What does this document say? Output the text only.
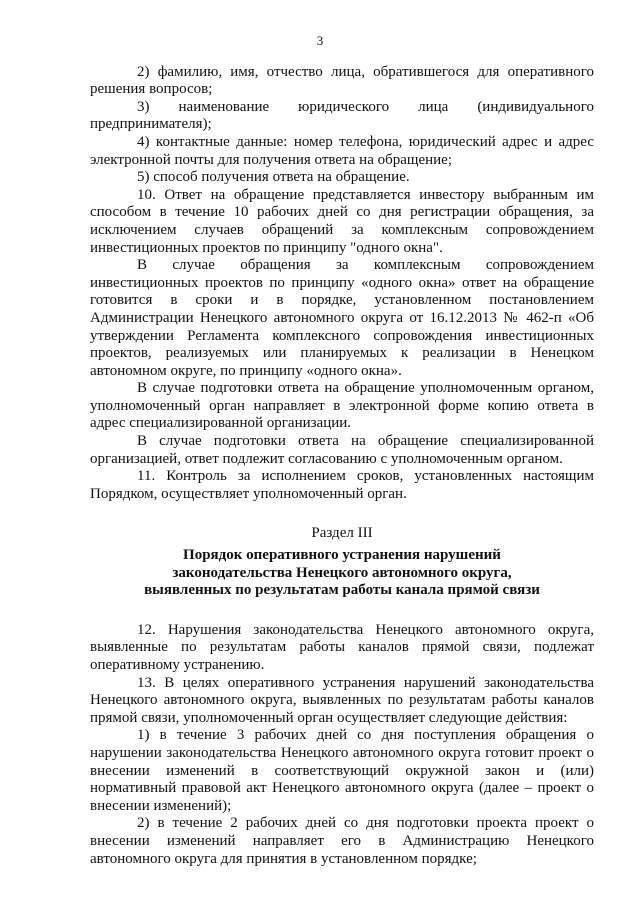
3

2) фамилию, имя, отчество лица, обратившегося для оперативного решения вопросов;

3) наименование юридического лица (индивидуального предпринимателя);

4) контактные данные: номер телефона, юридический адрес и адрес электронной почты для получения ответа на обращение;

5) способ получения ответа на обращение.

10. Ответ на обращение представляется инвестору выбранным им способом в течение 10 рабочих дней со дня регистрации обращения, за исключением случаев обращений за комплексным сопровождением инвестиционных проектов по принципу "одного окна".

В случае обращения за комплексным сопровождением инвестиционных проектов по принципу «одного окна» ответ на обращение готовится в сроки и в порядке, установленном постановлением Администрации Ненецкого автономного округа от 16.12.2013 № 462-п «Об утверждении Регламента комплексного сопровождения инвестиционных проектов, реализуемых или планируемых к реализации в Ненецком автономном округе, по принципу «одного окна».

В случае подготовки ответа на обращение уполномоченным органом, уполномоченный орган направляет в электронной форме копию ответа в адрес специализированной организации.

В случае подготовки ответа на обращение специализированной организацией, ответ подлежит согласованию с уполномоченным органом.

11. Контроль за исполнением сроков, установленных настоящим Порядком, осуществляет уполномоченный орган.

Раздел III
Порядок оперативного устранения нарушений
законодательства Ненецкого автономного округа,
выявленных по результатам работы канала прямой связи

12. Нарушения законодательства Ненецкого автономного округа, выявленные по результатам работы каналов прямой связи, подлежат оперативному устранению.

13. В целях оперативного устранения нарушений законодательства Ненецкого автономного округа, выявленных по результатам работы каналов прямой связи, уполномоченный орган осуществляет следующие действия:

1) в течение 3 рабочих дней со дня поступления обращения о нарушении законодательства Ненецкого автономного округа готовит проект о внесении изменений в соответствующий окружной закон и (или) нормативный правовой акт Ненецкого автономного округа (далее – проект о внесении изменений);

2) в течение 2 рабочих дней со дня подготовки проекта проект о внесении изменений направляет его в Администрацию Ненецкого автономного округа для принятия в установленном порядке;
